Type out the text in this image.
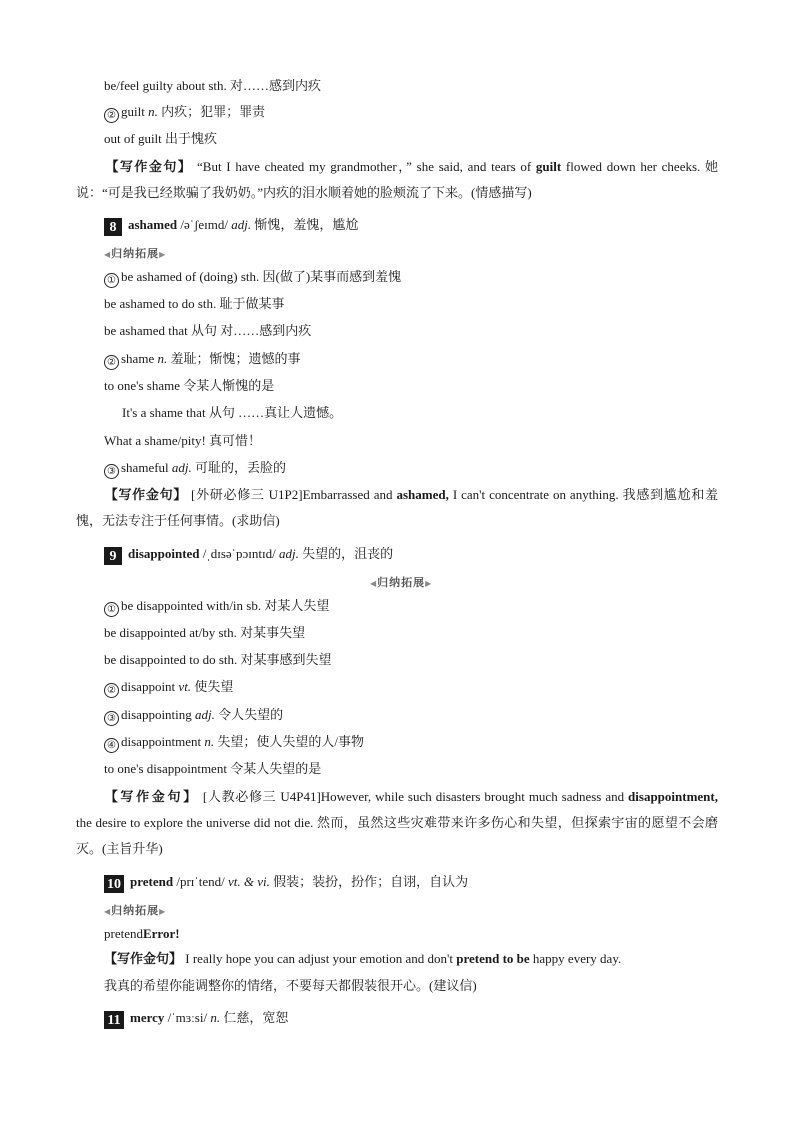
be/feel guilty about sth. 对……感到内疚
② guilt n. 内疚；犯罪；罪责
out of guilt 出于愧疚
【写作金句】 “But I have cheated my grandmother，” she said, and tears of guilt flowed down her cheeks. 她说：“可是我已经欺骗了我奶奶。”内疚的泪水顺着她的脸颊流了下来。(情感描写)
8 ashamed /əˈʃeɪmd/ adj. 惭愧，羞愧，尴尬
◀归纳拓展▶
① be ashamed of (doing) sth. 因(做了)某事而感到羞愧
be ashamed to do sth. 耻于做某事
be ashamed that 从句 对……感到内疚
② shame n. 羞耻；惭愧；遗憾的事
to one's shame 令某人惭愧的是
It's a shame that 从句 ……真让人遗憾。
What a shame/pity! 真可惜！
③ shameful adj. 可耻的，丢脸的
【写作金句】 [外研必修三 U1P2]Embarrassed and ashamed, I can't concentrate on anything. 我感到尴尬和羞愧，无法专注于任何事情。(求助信)
9 disappointed /ˌdɪsəˈpɔɪntɪd/ adj. 失望的，沮丧的
◀归纳拓展▶
① be disappointed with/in sb. 对某人失望
be disappointed at/by sth. 对某事失望
be disappointed to do sth. 对某事感到失望
② disappoint vt. 使失望
③ disappointing adj. 令人失望的
④ disappointment n. 失望；使人失望的人/事物
to one's disappointment 令某人失望的是
【写作金句】 [人教必修三 U4P41]However, while such disasters brought much sadness and disappointment, the desire to explore the universe did not die. 然而，虽然这些灾难带来许多伤心和失望，但探索宇宙的愿望不会磨灭。(主旨升华)
10 pretend /prɪˈtend/ vt. & vi. 假装；装扮，扮作；自诩，自认为
◀归纳拓展▶
pretendError!
【写作金句】 I really hope you can adjust your emotion and don't pretend to be happy every day.
我真的希望你能调整你的情绪，不要每天都假装很开心。(建议信)
11 mercy /ˈmɜːsi/ n. 仁慈，宽恕
